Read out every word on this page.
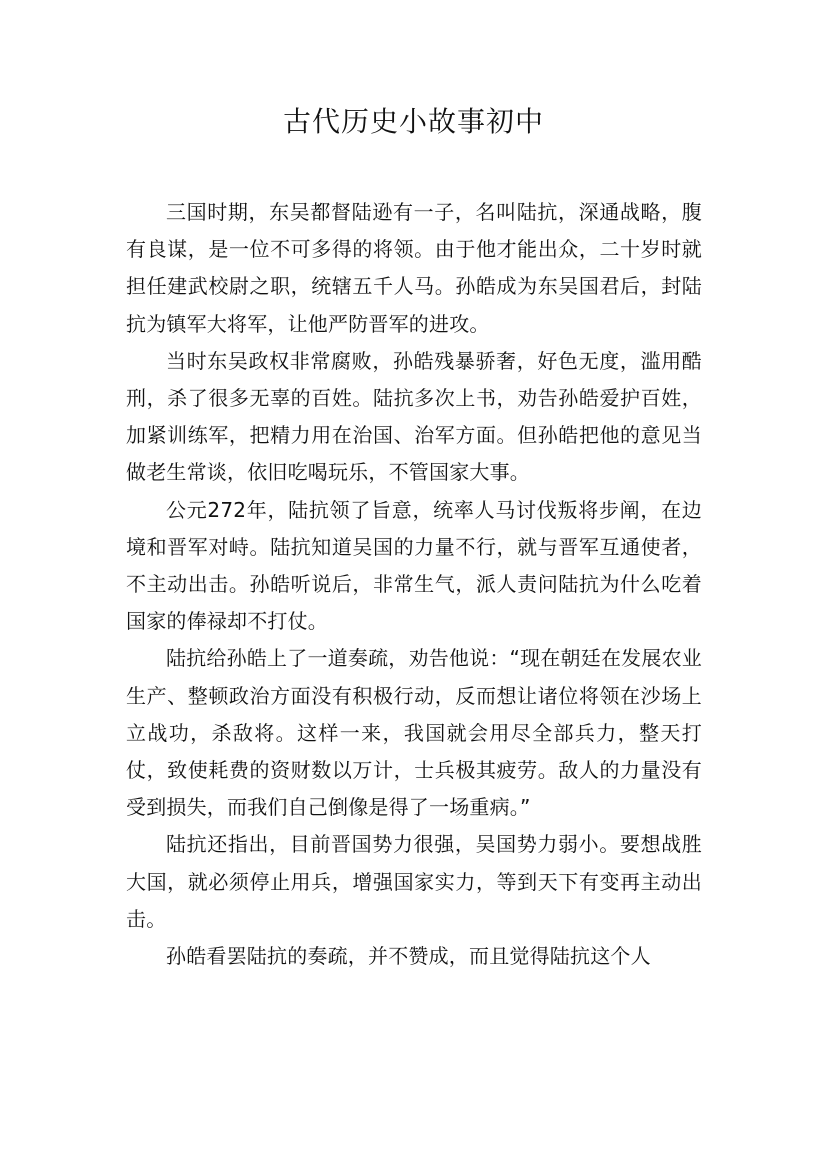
古代历史小故事初中

三国时期，东吴都督陆逊有一子，名叫陆抗，深通战略，腹有良谋，是一位不可多得的将领。由于他才能出众，二十岁时就担任建武校尉之职，统辖五千人马。孙皓成为东吴国君后，封陆抗为镇军大将军，让他严防晋军的进攻。

当时东吴政权非常腐败，孙皓残暴骄奢，好色无度，滥用酷刑，杀了很多无辜的百姓。陆抗多次上书，劝告孙皓爱护百姓，加紧训练军，把精力用在治国、治军方面。但孙皓把他的意见当做老生常谈，依旧吃喝玩乐，不管国家大事。

公元272年，陆抗领了旨意，统率人马讨伐叛将步阐，在边境和晋军对峙。陆抗知道吴国的力量不行，就与晋军互通使者，不主动出击。孙皓听说后，非常生气，派人责问陆抗为什么吃着国家的俸禄却不打仗。

陆抗给孙皓上了一道奏疏，劝告他说：“现在朝廷在发展农业生产、整顿政治方面没有积极行动，反而想让诸位将领在沙场上立战功，杀敌将。这样一来，我国就会用尽全部兵力，整天打仗，致使耗费的资财数以万计，士兵极其疲劳。敌人的力量没有受到损失，而我们自己倒像是得了一场重病。”

陆抗还指出，目前晋国势力很强，吴国势力弱小。要想战胜大国，就必须停止用兵，增强国家实力，等到天下有变再主动出击。

孙皓看罢陆抗的奏疏，并不赞成，而且觉得陆抗这个人
